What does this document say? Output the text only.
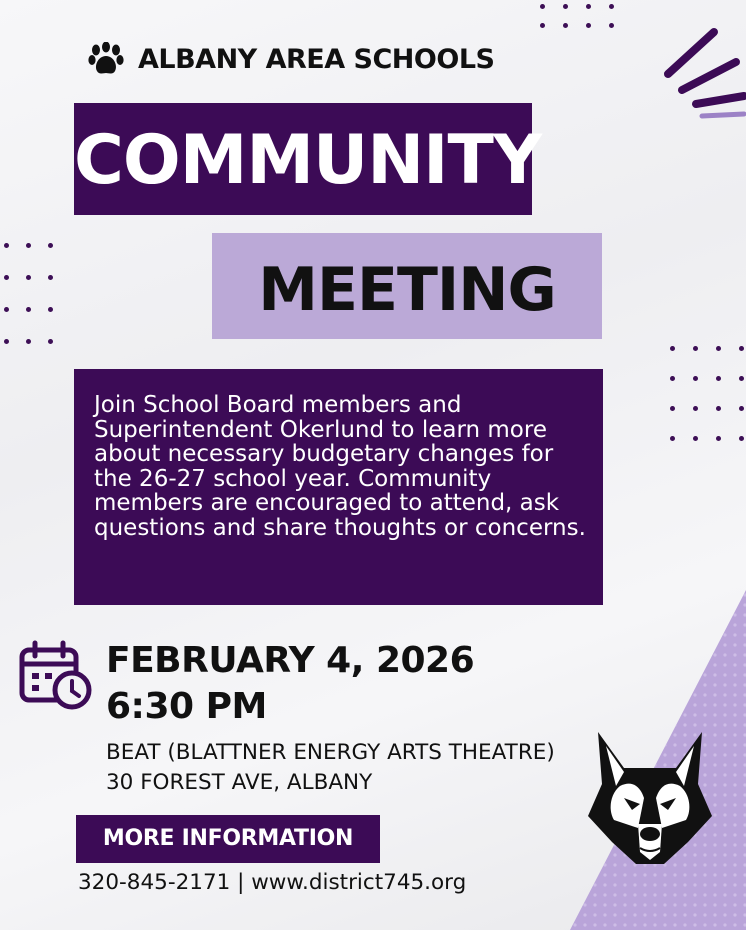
ALBANY AREA SCHOOLS
COMMUNITY
MEETING
Join School Board members and Superintendent Okerlund to learn more about necessary budgetary changes for the 26-27 school year. Community members are encouraged to attend, ask questions and share thoughts or concerns.
FEBRUARY 4, 2026
6:30 PM
BEAT (BLATTNER ENERGY ARTS THEATRE)
30 FOREST AVE, ALBANY
MORE INFORMATION
320-845-2171 | www.district745.org
